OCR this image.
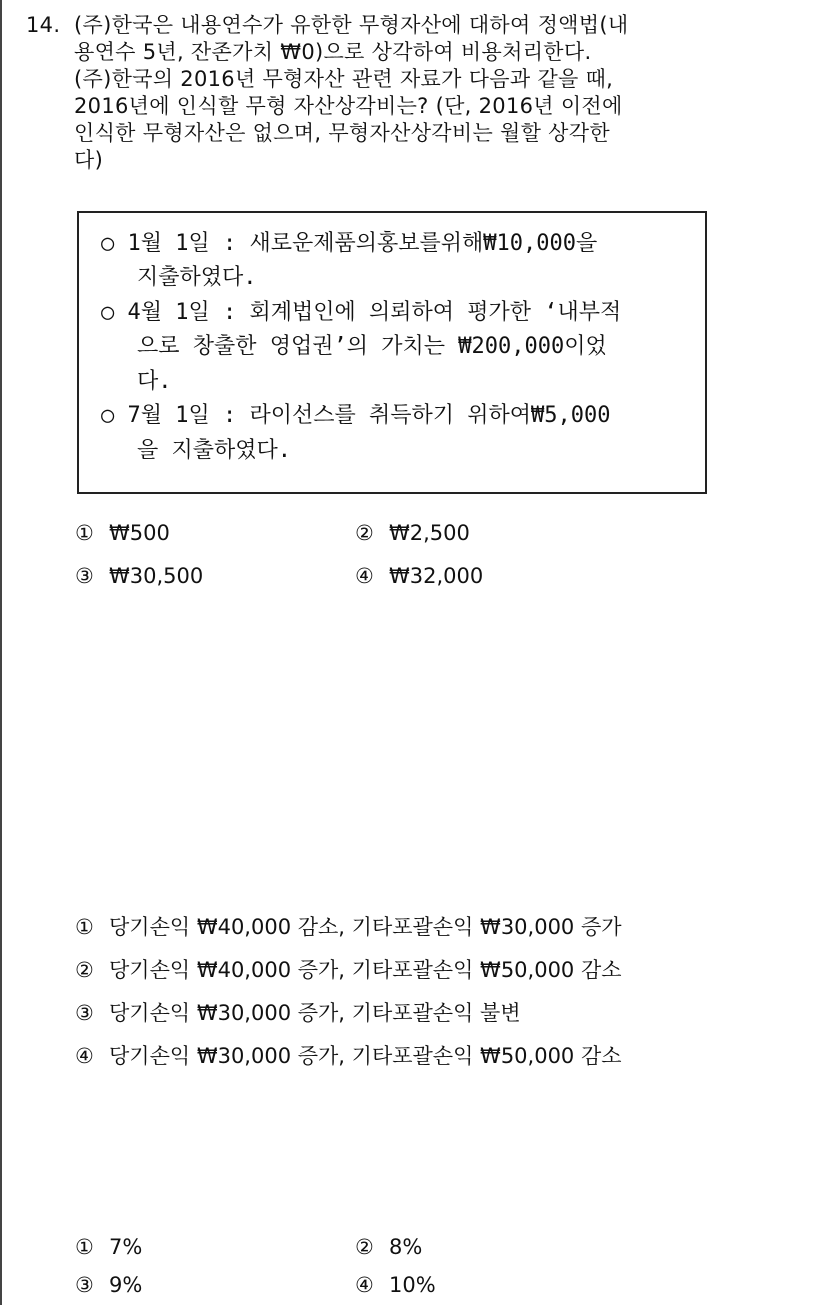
14. (주)한국은 내용연수가 유한한 무형자산에 대하여 정액법(내
용연수 5년, 잔존가치 ₩0)으로 상각하여 비용처리한다.
(주)한국의 2016년 무형자산 관련 자료가 다음과 같을 때,
2016년에 인식할 무형 자산상각비는? (단, 2016년 이전에
인식한 무형자산은 없으며, 무형자산상각비는 월할 상각한
다)
○ 1월 1일 : 새로운제품의홍보를위해₩10,000을
지출하였다.
○ 4월 1일 : 회계법인에 의뢰하여 평가한 ‘내부적
으로 창출한 영업권’의 가치는 ₩200,000이었
다.
○ 7월 1일 : 라이선스를 취득하기 위하여₩5,000
을 지출하였다.
① ₩500	② ₩2,500
③ ₩30,500	④ ₩32,000
① 당기손익 ₩40,000 감소, 기타포괄손익 ₩30,000 증가
② 당기손익 ₩40,000 증가, 기타포괄손익 ₩50,000 감소
③ 당기손익 ₩30,000 증가, 기타포괄손익 불변
④ 당기손익 ₩30,000 증가, 기타포괄손익 ₩50,000 감소
① 7%	② 8%
③ 9%	④ 10%
